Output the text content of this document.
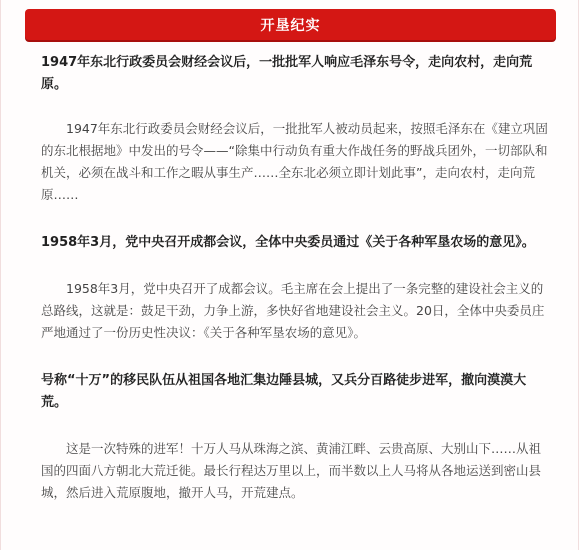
开垦纪实

1947年东北行政委员会财经会议后，一批批军人响应毛泽东号令，走向农村，走向荒原。

1947年东北行政委员会财经会议后，一批批军人被动员起来，按照毛泽东在《建立巩固的东北根据地》中发出的号令——“除集中行动负有重大作战任务的野战兵团外，一切部队和机关，必须在战斗和工作之暇从事生产……全东北必须立即计划此事”，走向农村，走向荒原……

1958年3月，党中央召开成都会议，全体中央委员通过《关于各种军垦农场的意见》。

1958年3月，党中央召开了成都会议。毛主席在会上提出了一条完整的建设社会主义的总路线，这就是：鼓足干劲，力争上游，多快好省地建设社会主义。20日，全体中央委员庄严地通过了一份历史性决议：《关于各种军垦农场的意见》。

号称“十万”的移民队伍从祖国各地汇集边陲县城，又兵分百路徒步进军，撤向漠漠大荒。

这是一次特殊的进军！十万人马从珠海之滨、黄浦江畔、云贵高原、大别山下……从祖国的四面八方朝北大荒迁徙。最长行程达万里以上，而半数以上人马将从各地运送到密山县城，然后进入荒原腹地，撤开人马，开荒建点。
